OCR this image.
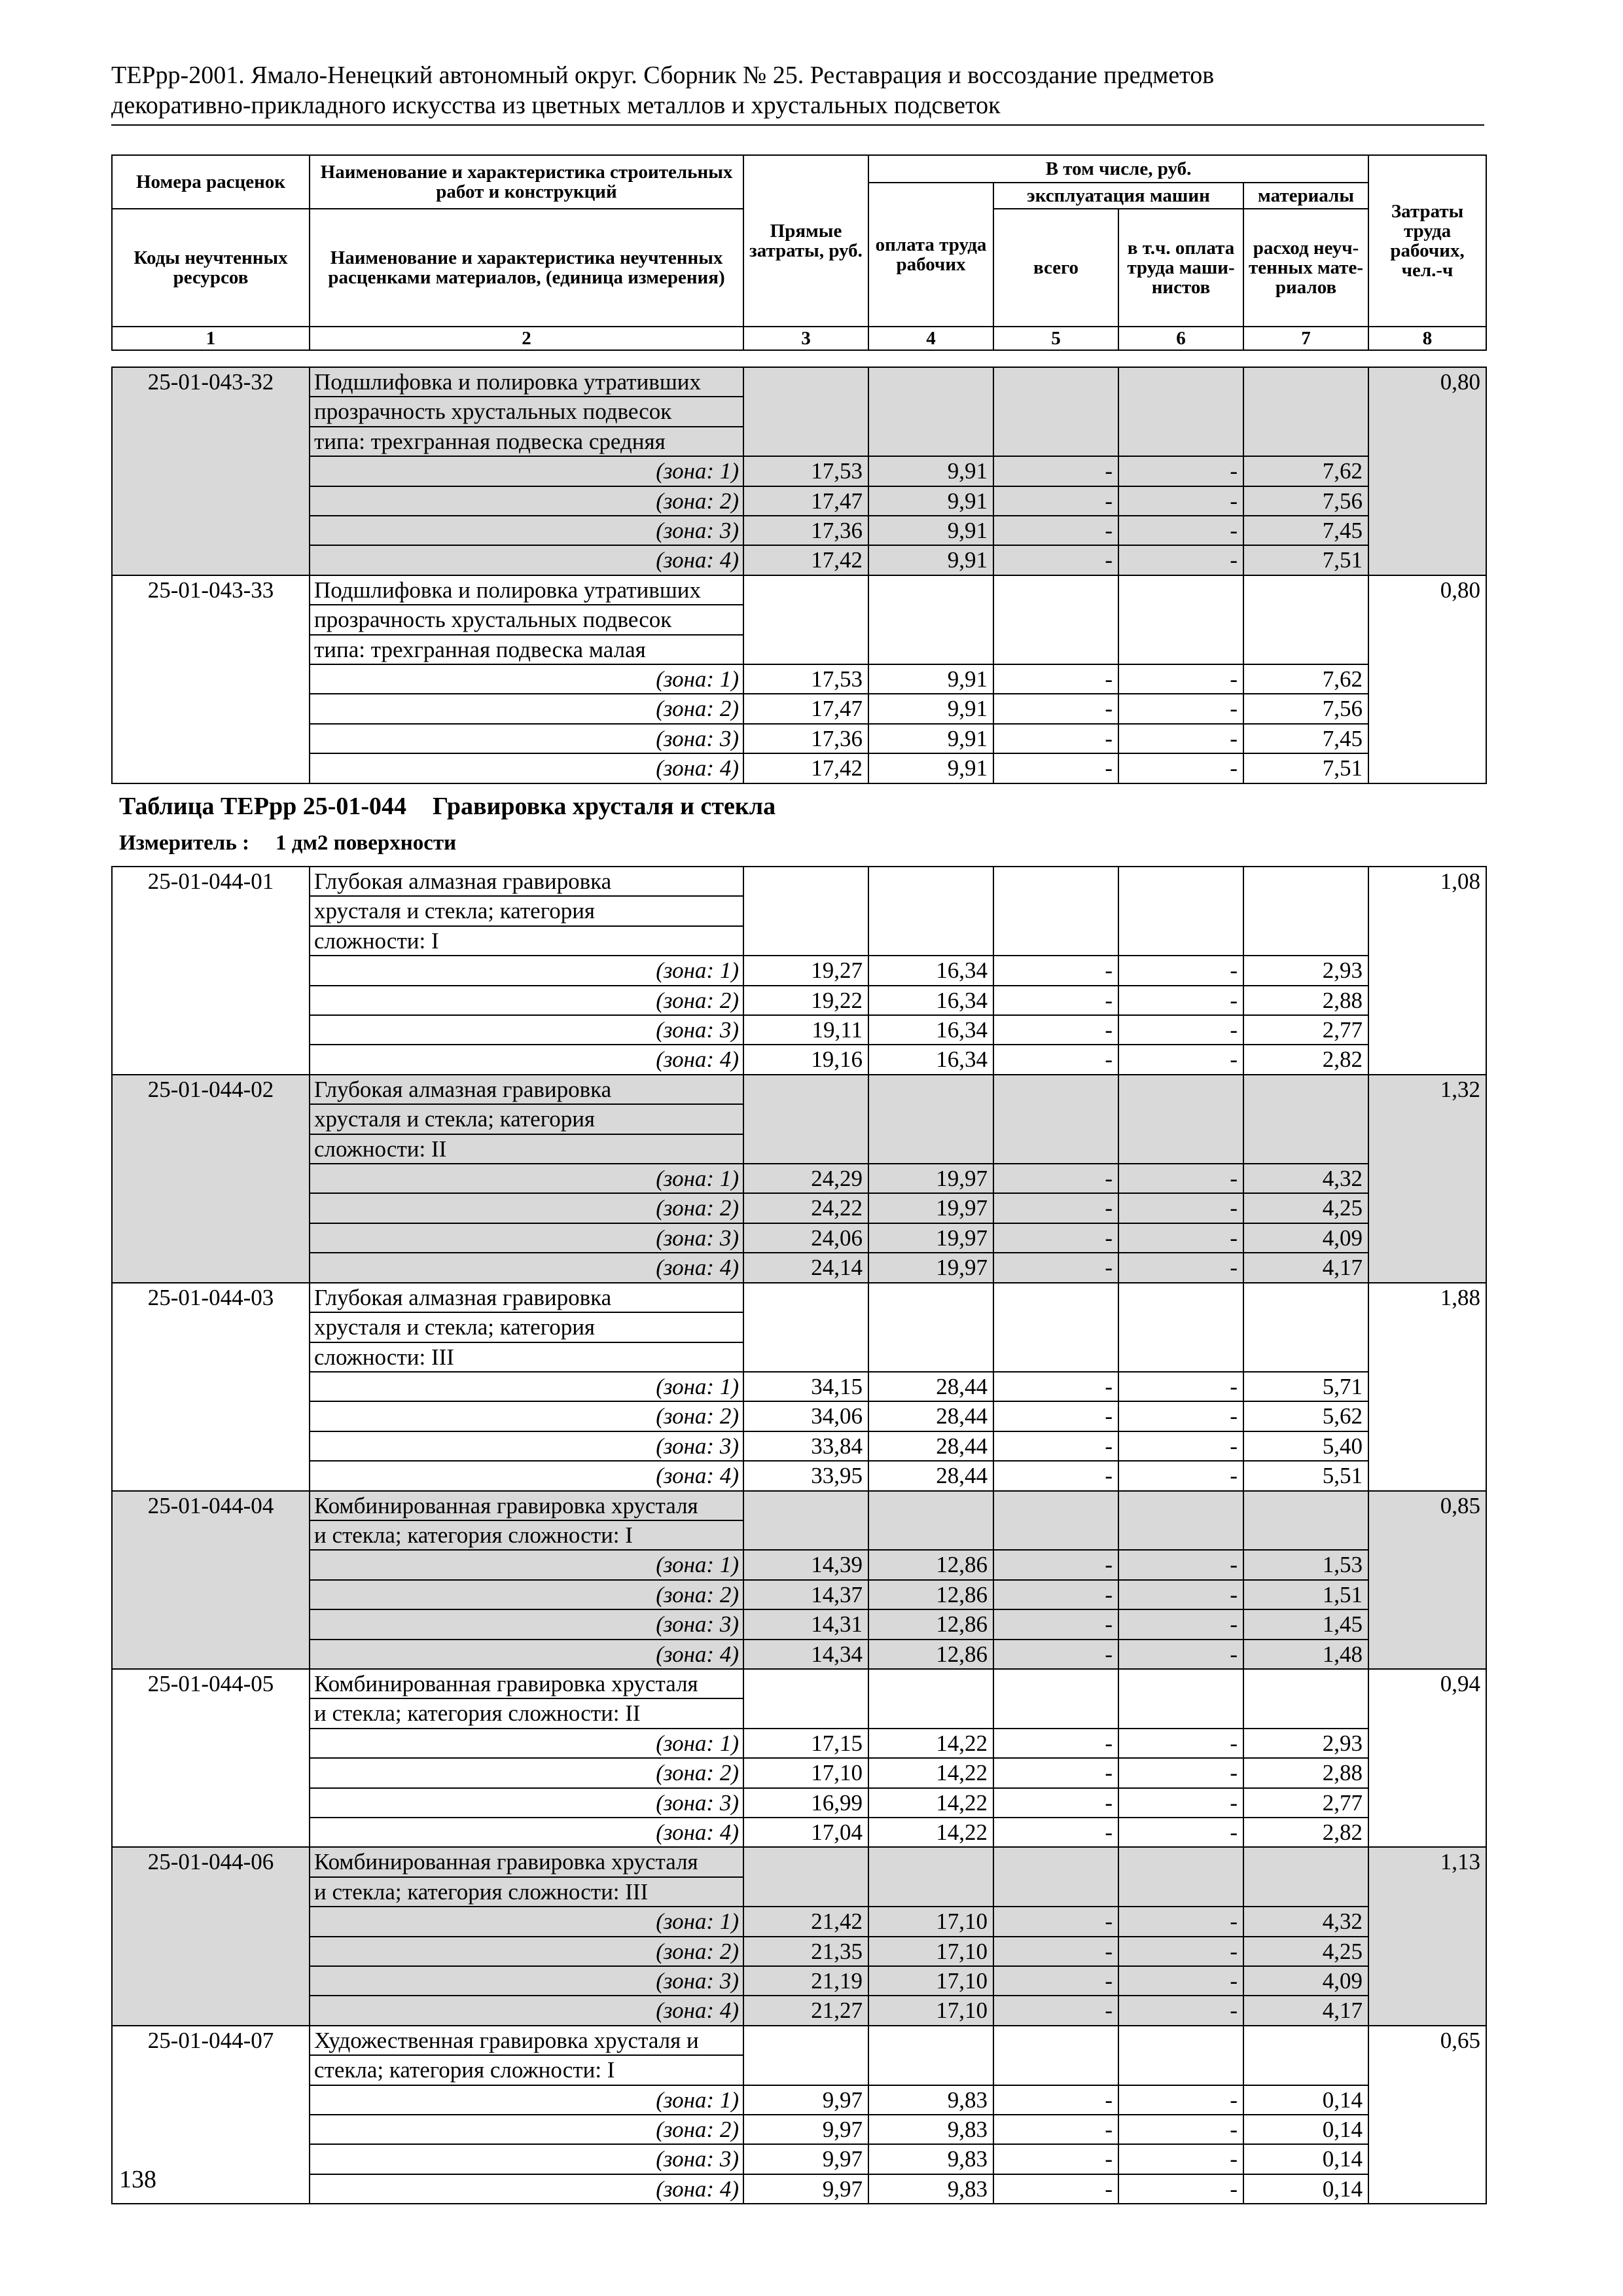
ТЕРрр-2001. Ямало-Ненецкий автономный округ. Сборник № 25. Реставрация и воссоздание предметов
декоративно-прикладного искусства из цветных металлов и хрустальных подсветок
Номера расценок	Наименование и характеристика строительных работ и конструкций	Прямые затраты, руб.	В том числе, руб.				Затраты труда рабочих, чел.-ч
			оплата труда рабочих	эксплуатация машин		материалы	
Коды неучтенных ресурсов	Наименование и характеристика неучтенных расценками материалов, (единица измерения)			всего	в т.ч. оплата труда маши-нистов	расход неуч-тенных мате-риалов	

1	2	3	4	5	6	7	8
25-01-043-32	Подшлифовка и полировка утративших						0,80
	прозрачность хрустальных подвесок						
	типа: трехгранная подвеска средняя						
	(зона: 1)	17,53	9,91	-	-	7,62	
	(зона: 2)	17,47	9,91	-	-	7,56	
	(зона: 3)	17,36	9,91	-	-	7,45	
	(зона: 4)	17,42	9,91	-	-	7,51	
25-01-043-33	Подшлифовка и полировка утративших						0,80
	прозрачность хрустальных подвесок						
	типа: трехгранная подвеска малая						
	(зона: 1)	17,53	9,91	-	-	7,62	
	(зона: 2)	17,47	9,91	-	-	7,56	
	(зона: 3)	17,36	9,91	-	-	7,45	
	(зона: 4)	17,42	9,91	-	-	7,51	
Таблица ТЕРрр 25-01-044 Гравировка хрусталя и стекла
Измеритель : 1 дм2 поверхности
25-01-044-01	Глубокая алмазная гравировка						1,08
	хрусталя и стекла; категория						
	сложности: I						
	(зона: 1)	19,27	16,34	-	-	2,93	
	(зона: 2)	19,22	16,34	-	-	2,88	
	(зона: 3)	19,11	16,34	-	-	2,77	
	(зона: 4)	19,16	16,34	-	-	2,82	
25-01-044-02	Глубокая алмазная гравировка						1,32
	хрусталя и стекла; категория						
	сложности: II						
	(зона: 1)	24,29	19,97	-	-	4,32	
	(зона: 2)	24,22	19,97	-	-	4,25	
	(зона: 3)	24,06	19,97	-	-	4,09	
	(зона: 4)	24,14	19,97	-	-	4,17	
25-01-044-03	Глубокая алмазная гравировка						1,88
	хрусталя и стекла; категория						
	сложности: III						
	(зона: 1)	34,15	28,44	-	-	5,71	
	(зона: 2)	34,06	28,44	-	-	5,62	
	(зона: 3)	33,84	28,44	-	-	5,40	
	(зона: 4)	33,95	28,44	-	-	5,51	
25-01-044-04	Комбинированная гравировка хрусталя						0,85
	и стекла; категория сложности: I						
	(зона: 1)	14,39	12,86	-	-	1,53	
	(зона: 2)	14,37	12,86	-	-	1,51	
	(зона: 3)	14,31	12,86	-	-	1,45	
	(зона: 4)	14,34	12,86	-	-	1,48	
25-01-044-05	Комбинированная гравировка хрусталя						0,94
	и стекла; категория сложности: II						
	(зона: 1)	17,15	14,22	-	-	2,93	
	(зона: 2)	17,10	14,22	-	-	2,88	
	(зона: 3)	16,99	14,22	-	-	2,77	
	(зона: 4)	17,04	14,22	-	-	2,82	
25-01-044-06	Комбинированная гравировка хрусталя						1,13
	и стекла; категория сложности: III						
	(зона: 1)	21,42	17,10	-	-	4,32	
	(зона: 2)	21,35	17,10	-	-	4,25	
	(зона: 3)	21,19	17,10	-	-	4,09	
	(зона: 4)	21,27	17,10	-	-	4,17	
25-01-044-07	Художественная гравировка хрусталя и						0,65
	стекла; категория сложности: I						
	(зона: 1)	9,97	9,83	-	-	0,14	
	(зона: 2)	9,97	9,83	-	-	0,14	
	(зона: 3)	9,97	9,83	-	-	0,14	
	(зона: 4)	9,97	9,83	-	-	0,14	
138
